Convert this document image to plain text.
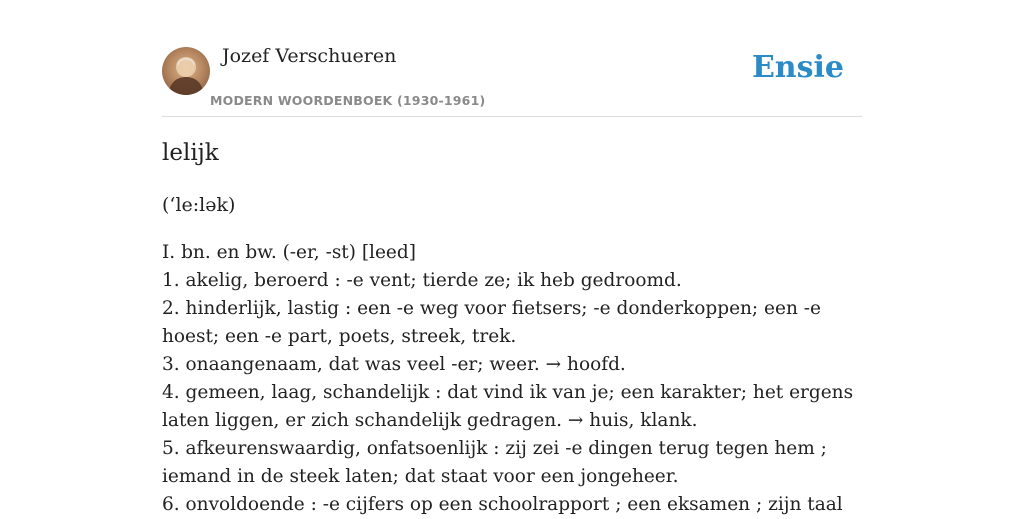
Jozef Verschueren
MODERN WOORDENBOEK (1930-1961)
Ensie
lelijk
(‘le:lək)
I. bn. en bw. (-er, -st) [leed]
1. akelig, beroerd : -e vent; tierde ze; ik heb gedroomd.
2. hinderlijk, lastig : een -e weg voor fietsers; -e donderkoppen; een -e hoest; een -e part, poets, streek, trek.
3. onaangenaam, dat was veel -er; weer. → hoofd.
4. gemeen, laag, schandelijk : dat vind ik van je; een karakter; het ergens laten liggen, er zich schandelijk gedragen. → huis, klank.
5. afkeurenswaardig, onfatsoenlijk : zij zei -e dingen terug tegen hem ; iemand in de steek laten; dat staat voor een jongeheer.
6. onvoldoende : -e cijfers op een schoolrapport ; een eksamen ; zijn taal
